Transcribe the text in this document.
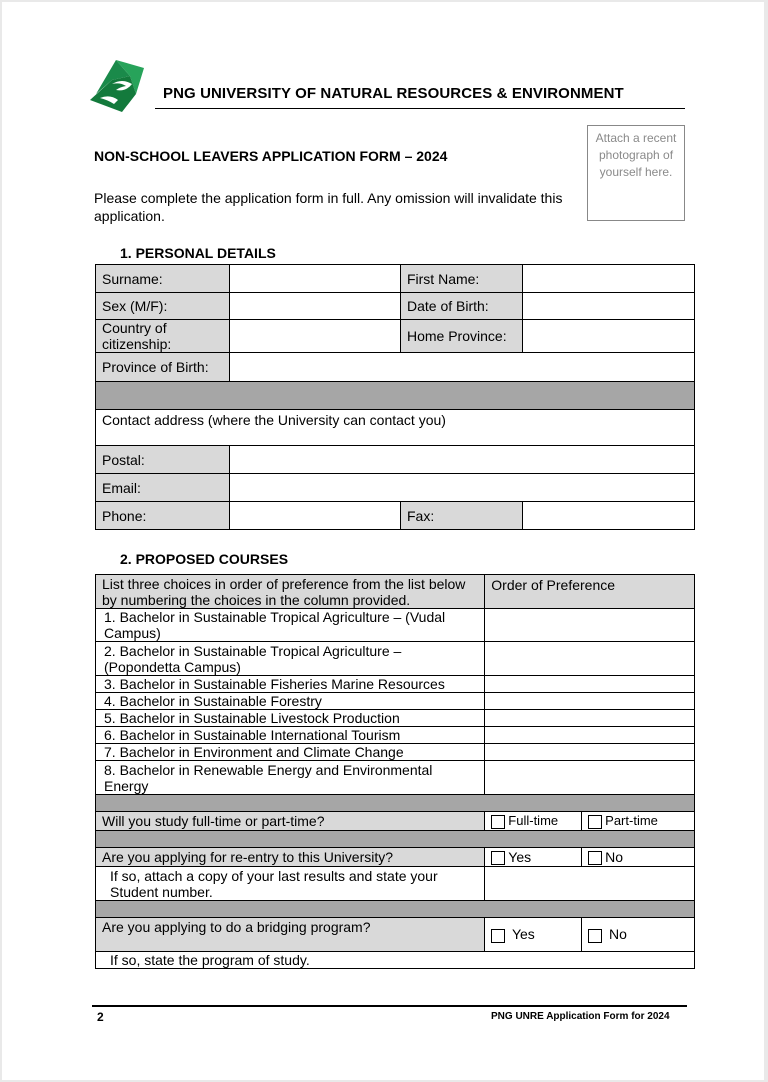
PNG UNIVERSITY OF NATURAL RESOURCES & ENVIRONMENT
Attach a recent photograph of yourself here.
NON-SCHOOL LEAVERS APPLICATION FORM – 2024
Please complete the application form in full. Any omission will invalidate this application.
1. PERSONAL DETAILS
Surname:		First Name:	
Sex (M/F):		Date of Birth:	
Country of citizenship:		Home Province:	
Province of Birth:			

Contact address (where the University can contact you)			
Postal:			
Email:			
Phone:		Fax:	
2. PROPOSED COURSES
List three choices in order of preference from the list below by numbering the choices in the column provided.	Order of Preference	
1. Bachelor in Sustainable Tropical Agriculture – (Vudal Campus)		
2. Bachelor in Sustainable Tropical Agriculture – (Popondetta Campus)		
3. Bachelor in Sustainable Fisheries Marine Resources		
4. Bachelor in Sustainable Forestry		
5. Bachelor in Sustainable Livestock Production		
6. Bachelor in Sustainable International Tourism		
7. Bachelor in Environment and Climate Change		
8. Bachelor in Renewable Energy and Environmental Energy		

Will you study full-time or part-time?	Full-time	Part-time

Are you applying for re-entry to this University?	Yes	No
If so, attach a copy of your last results and state your Student number.		

Are you applying to do a bridging program?	Yes	No
If so, state the program of study.		
2	PNG UNRE Application Form for 2024
